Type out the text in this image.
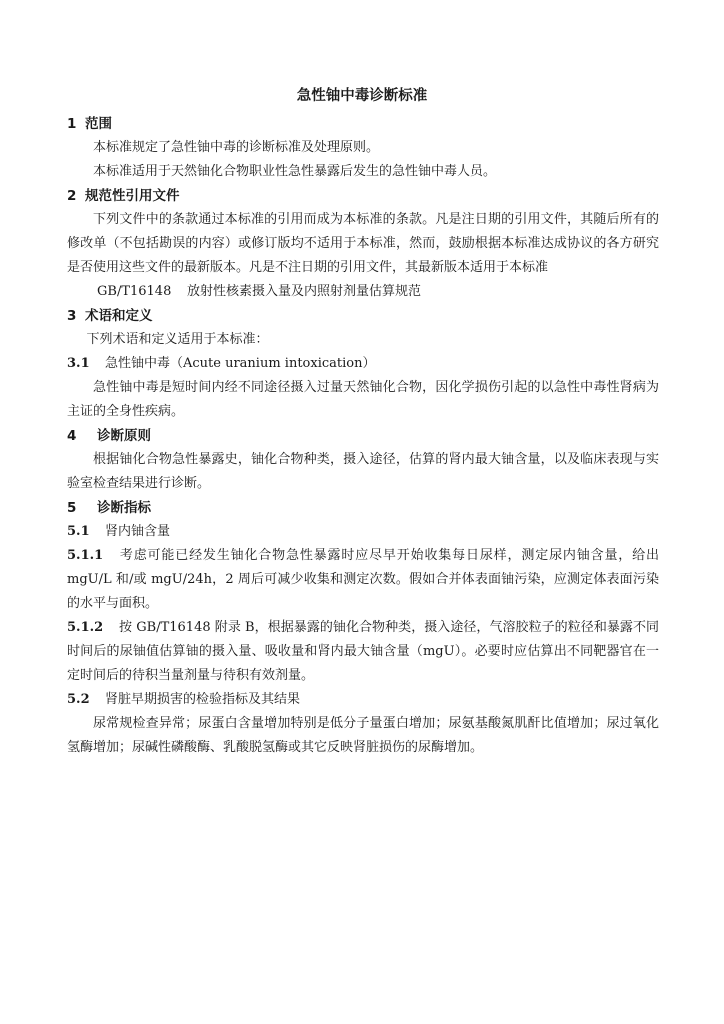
急性铀中毒诊断标准
1 范围
本标准规定了急性铀中毒的诊断标准及处理原则。
本标准适用于天然铀化合物职业性急性暴露后发生的急性铀中毒人员。
2 规范性引用文件
下列文件中的条款通过本标准的引用而成为本标准的条款。凡是注日期的引用文件，其随后所有的修改单（不包括勘误的内容）或修订版均不适用于本标准，然而，鼓励根据本标准达成协议的各方研究是否使用这些文件的最新版本。凡是不注日期的引用文件，其最新版本适用于本标准
GB/T16148 放射性核素摄入量及内照射剂量估算规范
3 术语和定义
下列术语和定义适用于本标准：
3.1 急性铀中毒（Acute uranium intoxication）
急性铀中毒是短时间内经不同途径摄入过量天然铀化合物，因化学损伤引起的以急性中毒性肾病为主证的全身性疾病。
4 诊断原则
根据铀化合物急性暴露史，铀化合物种类，摄入途径，估算的肾内最大铀含量，以及临床表现与实验室检查结果进行诊断。
5 诊断指标
5.1 肾内铀含量
5.1.1 考虑可能已经发生铀化合物急性暴露时应尽早开始收集每日尿样，测定尿内铀含量，给出 mgU/L 和/或 mgU/24h，2 周后可减少收集和测定次数。假如合并体表面铀污染，应测定体表面污染的水平与面积。
5.1.2 按 GB/T16148 附录 B，根据暴露的铀化合物种类，摄入途径，气溶胶粒子的粒径和暴露不同时间后的尿铀值估算铀的摄入量、吸收量和肾内最大铀含量（mgU）。必要时应估算出不同靶器官在一定时间后的待积当量剂量与待积有效剂量。
5.2 肾脏早期损害的检验指标及其结果
尿常规检查异常；尿蛋白含量增加特别是低分子量蛋白增加；尿氨基酸氮肌酐比值增加；尿过氧化氢酶增加；尿碱性磷酸酶、乳酸脱氢酶或其它反映肾脏损伤的尿酶增加。
